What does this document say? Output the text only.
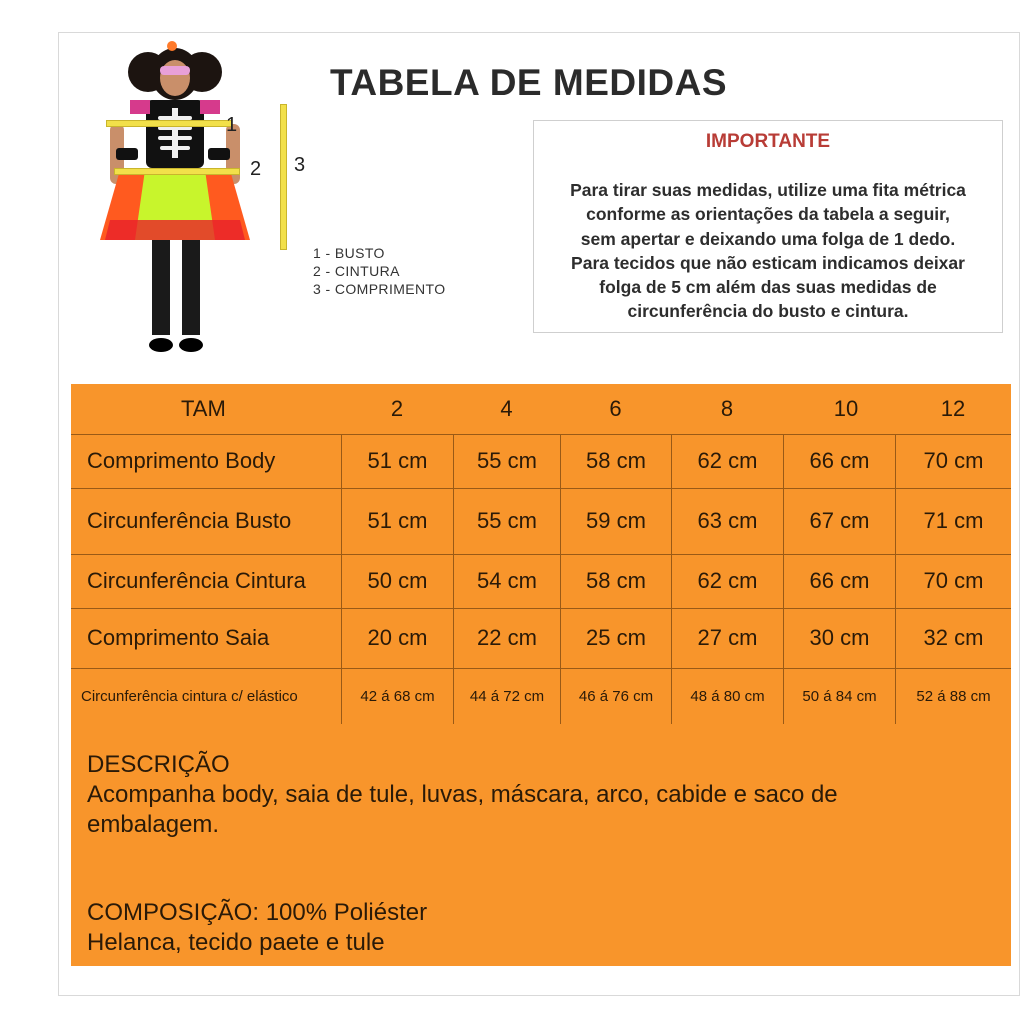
1
2 3
1 - BUSTO
2 - CINTURA
3 - COMPRIMENTO
TABELA DE MEDIDAS
IMPORTANTE
Para tirar suas medidas, utilize uma fita métrica
conforme as orientações da tabela a seguir,
sem apertar e deixando uma folga de 1 dedo.
Para tecidos que não esticam indicamos deixar
folga de 5 cm além das suas medidas de
circunferência do busto e cintura.
TAM	2	4	6	8	10	12
Comprimento Body	51 cm	55 cm	58 cm	62 cm	66 cm	70 cm
Circunferência Busto	51 cm	55 cm	59 cm	63 cm	67 cm	71 cm
Circunferência Cintura	50 cm	54 cm	58 cm	62 cm	66 cm	70 cm
Comprimento Saia	20 cm	22 cm	25 cm	27 cm	30 cm	32 cm
Circunferência cintura c/ elástico	42 á 68 cm	44 á 72 cm	46 á 76 cm	48 á 80 cm	50 á 84 cm	52 á 88 cm
DESCRIÇÃO
Acompanha body, saia de tule, luvas, máscara, arco, cabide e saco de
embalagem.
COMPOSIÇÃO: 100% Poliéster
Helanca, tecido paete e tule
